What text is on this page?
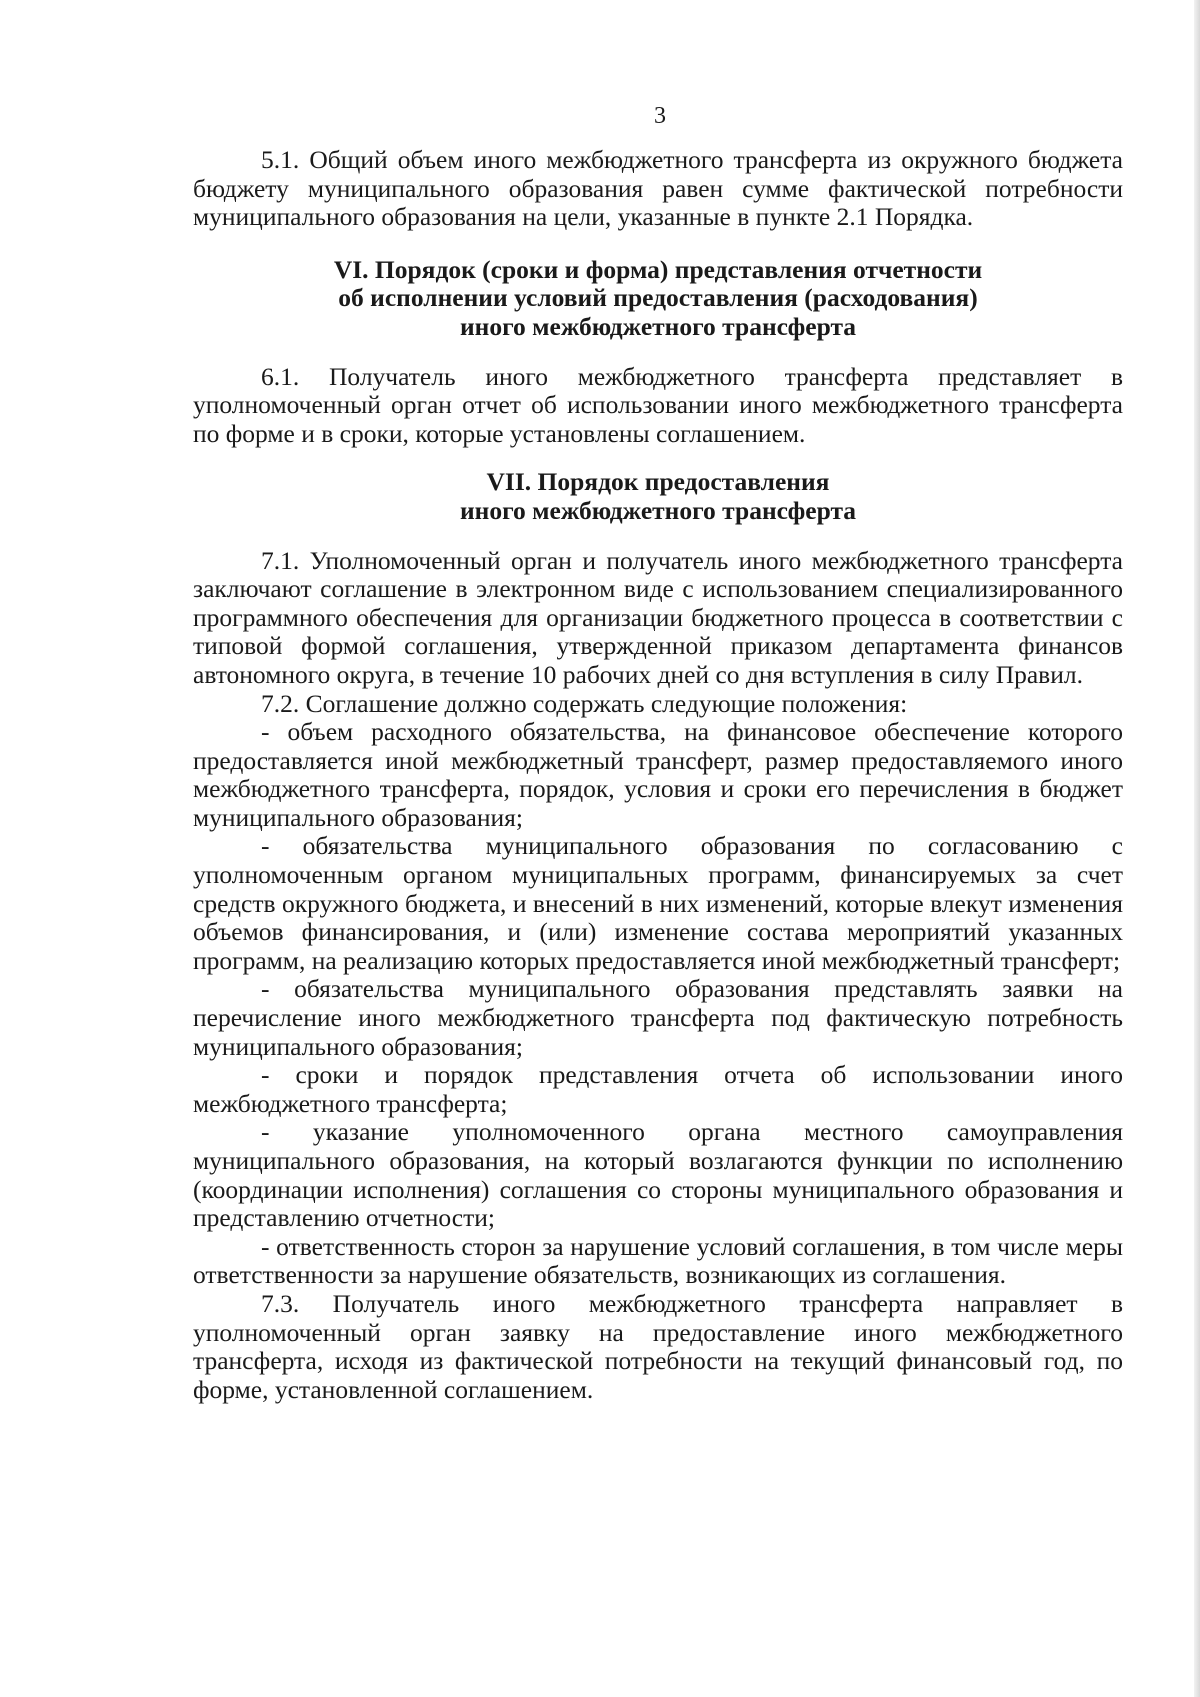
3

5.1. Общий объем иного межбюджетного трансферта из окружного бюджета бюджету муниципального образования равен сумме фактической потребности муниципального образования на цели, указанные в пункте 2.1 Порядка.

VI. Порядок (сроки и форма) представления отчетности
об исполнении условий предоставления (расходования)
иного межбюджетного трансферта

6.1. Получатель иного межбюджетного трансферта представляет в уполномоченный орган отчет об использовании иного межбюджетного трансферта по форме и в сроки, которые установлены соглашением.

VII. Порядок предоставления
иного межбюджетного трансферта

7.1. Уполномоченный орган и получатель иного межбюджетного трансферта заключают соглашение в электронном виде с использованием специализированного программного обеспечения для организации бюджетного процесса в соответствии с типовой формой соглашения, утвержденной приказом департамента финансов автономного округа, в течение 10 рабочих дней со дня вступления в силу Правил.

7.2. Соглашение должно содержать следующие положения:

- объем расходного обязательства, на финансовое обеспечение которого предоставляется иной межбюджетный трансферт, размер предоставляемого иного межбюджетного трансферта, порядок, условия и сроки его перечисления в бюджет муниципального образования;

- обязательства муниципального образования по согласованию с уполномоченным органом муниципальных программ, финансируемых за счет средств окружного бюджета, и внесений в них изменений, которые влекут изменения объемов финансирования, и (или) изменение состава мероприятий указанных программ, на реализацию которых предоставляется иной межбюджетный трансферт;

- обязательства муниципального образования представлять заявки на перечисление иного межбюджетного трансферта под фактическую потребность муниципального образования;

- сроки и порядок представления отчета об использовании иного межбюджетного трансферта;

- указание уполномоченного органа местного самоуправления муниципального образования, на который возлагаются функции по исполнению (координации исполнения) соглашения со стороны муниципального образования и представлению отчетности;

- ответственность сторон за нарушение условий соглашения, в том числе меры ответственности за нарушение обязательств, возникающих из соглашения.

7.3. Получатель иного межбюджетного трансферта направляет в уполномоченный орган заявку на предоставление иного межбюджетного трансферта, исходя из фактической потребности на текущий финансовый год, по форме, установленной соглашением.
